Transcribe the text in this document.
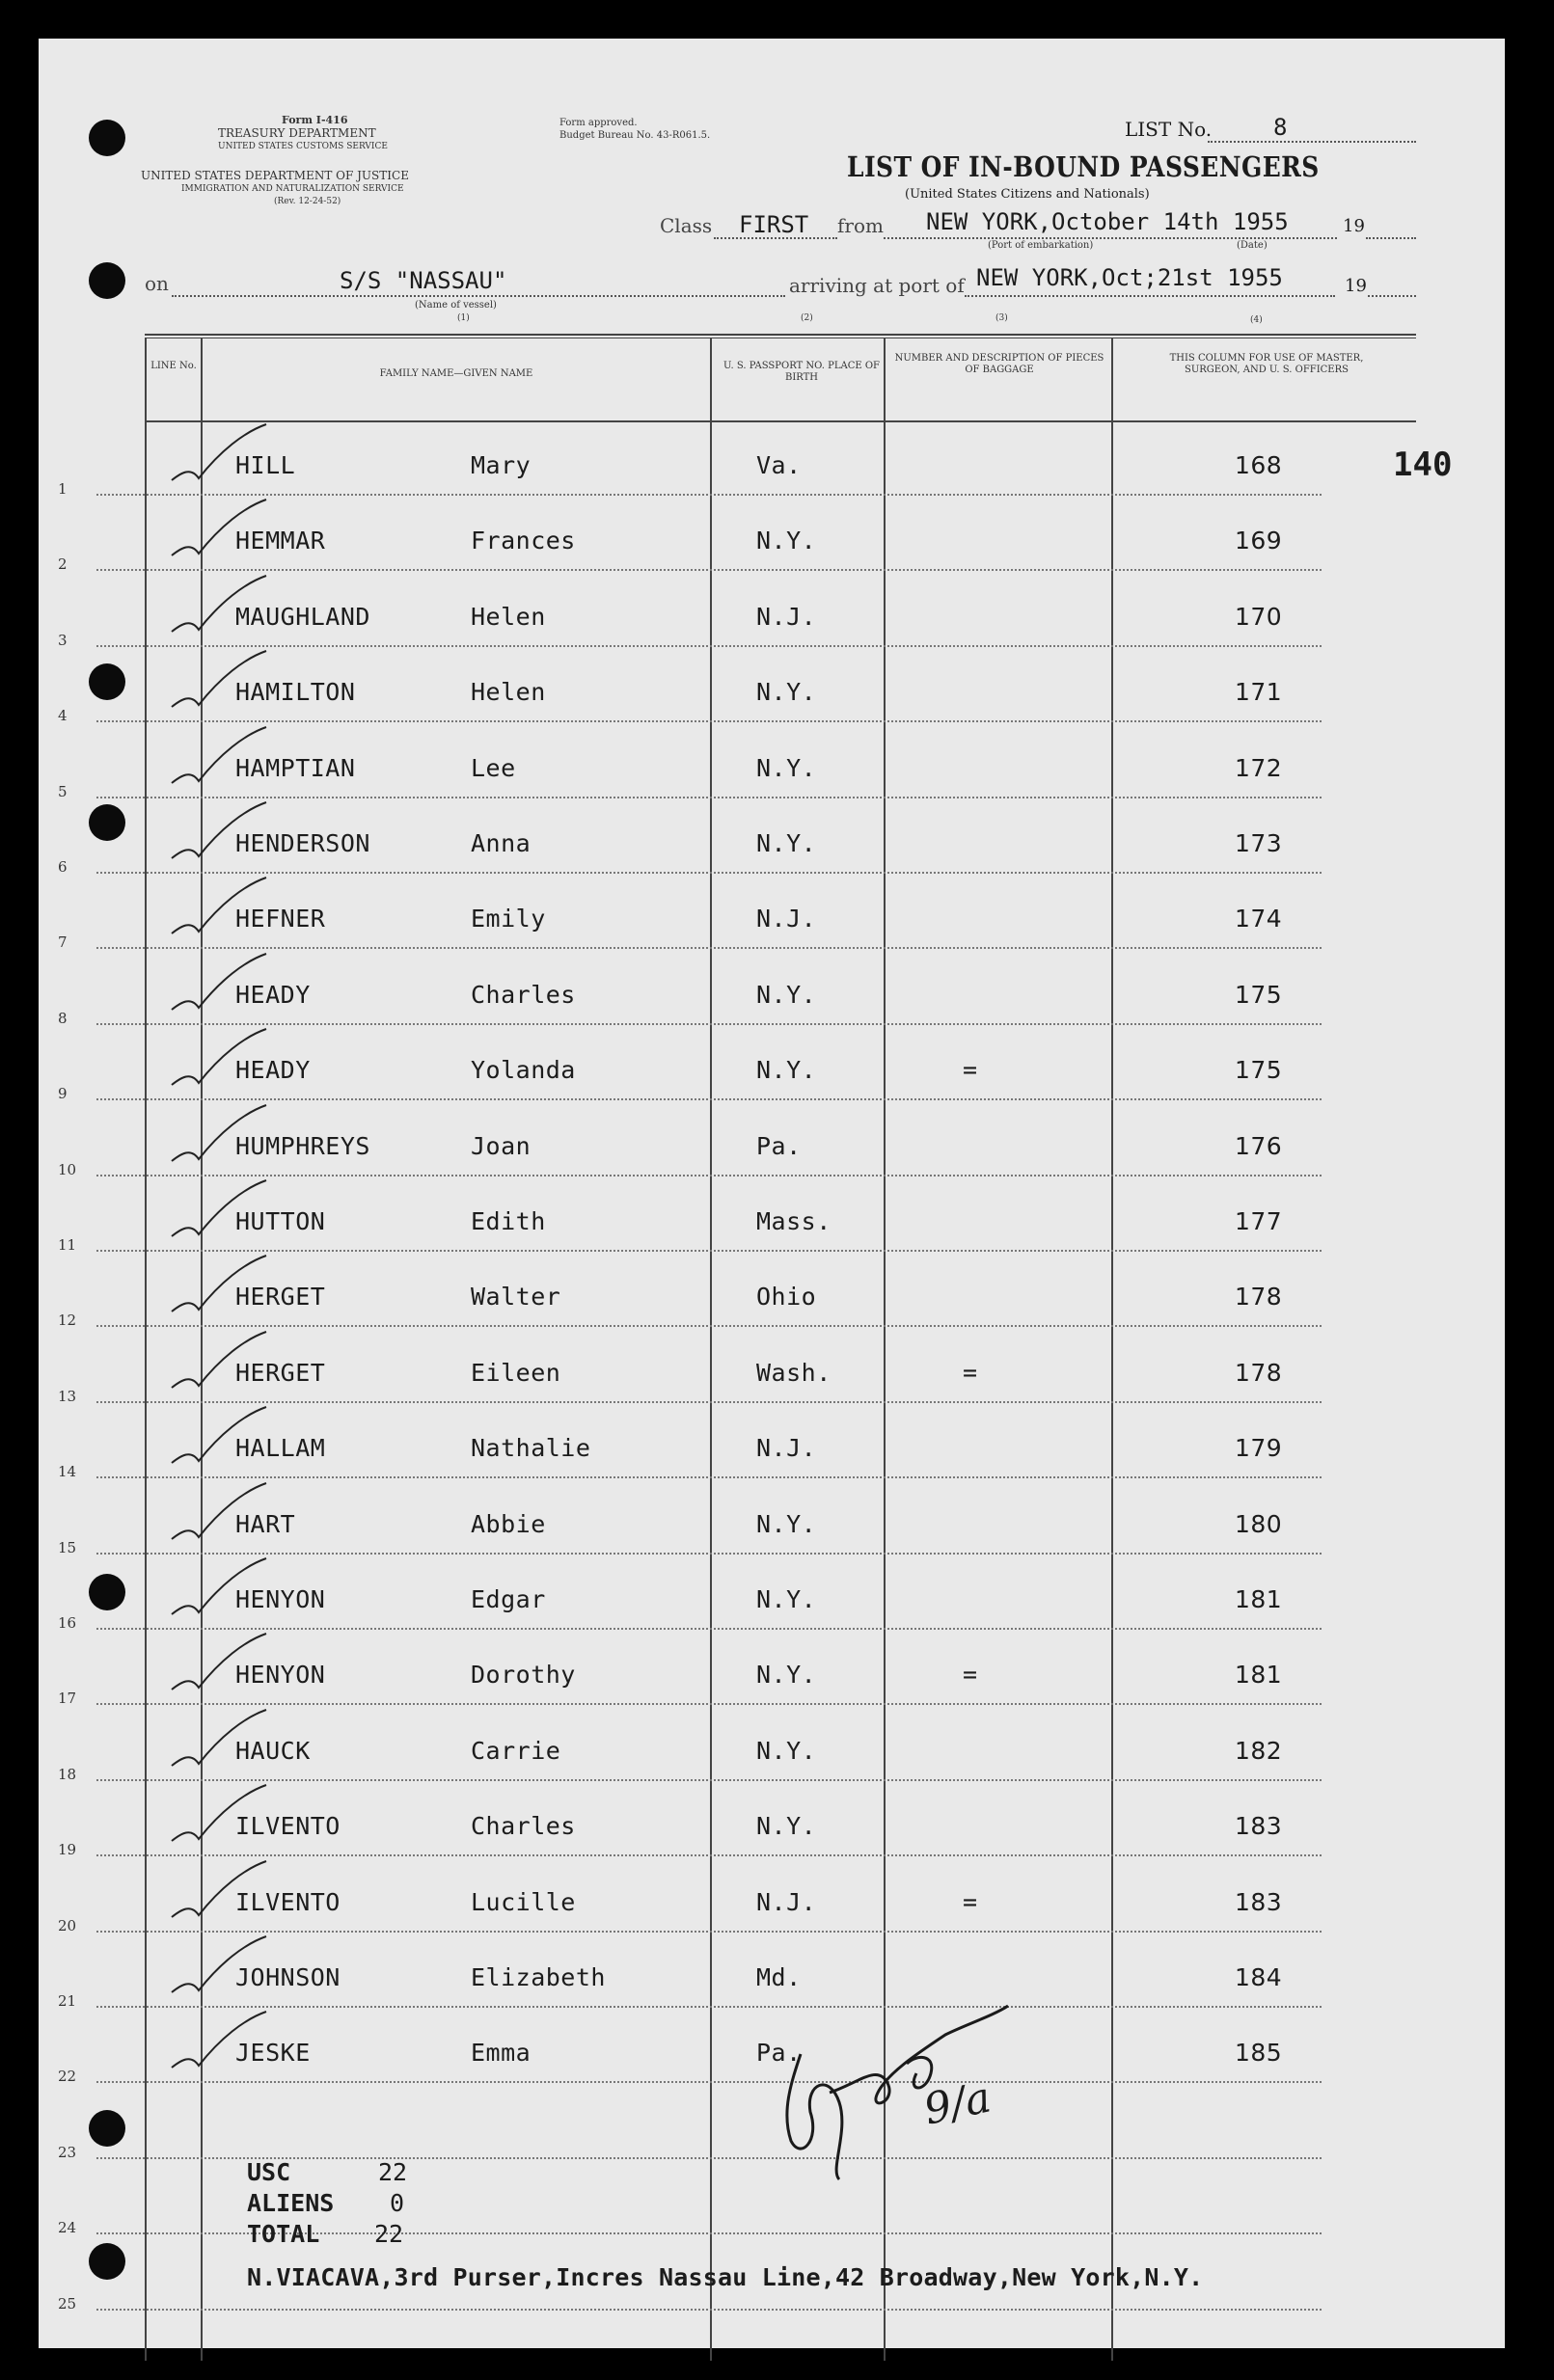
Form I-416
TREASURY DEPARTMENT
UNITED STATES CUSTOMS SERVICE
UNITED STATES DEPARTMENT OF JUSTICE
IMMIGRATION AND NATURALIZATION SERVICE
(Rev. 12-24-52)
Form approved.
Budget Bureau No. 43-R061.5.	LIST No.	8
LIST OF IN-BOUND PASSENGERS
(United States Citizens and Nationals)
Class FIRST from NEW YORK,October 14th 1955	19
(Port of embarkation)	(Date)
on	S/S "NASSAU"
(Name of vessel)
arriving at port of NEW YORK,Oct;21st 1955	19
(1)	(2)	(3)	(4)
LINE No.
FAMILY NAME—GIVEN NAME
U. S. PASSPORT NO. PLACE OF BIRTH
NUMBER AND DESCRIPTION OF PIECES OF BAGGAGE
THIS COLUMN FOR USE OF MASTER, SURGEON, AND U. S. OFFICERS
1
HILL	Mary	Va.	168
2
HEMMAR	Frances	N.Y.	169
3
MAUGHLAND	Helen	N.J.	170
4
HAMILTON	Helen	N.Y.	171
5
HAMPTIAN	Lee	N.Y.	172
6
HENDERSON	Anna	N.Y.	173
7
HEFNER	Emily	N.J.	174
8
HEADY	Charles	N.Y.	175
9
HEADY	Yolanda	N.Y.	=	175
10
HUMPHREYS	Joan	Pa.	176
11
HUTTON	Edith	Mass.	177
12
HERGET	Walter	Ohio	178
13
HERGET	Eileen	Wash.	=	178
14
HALLAM	Nathalie	N.J.	179
15
HART	Abbie	N.Y.	180
16
HENYON	Edgar	N.Y.	181
17
HENYON	Dorothy	N.Y.	=	181
18
HAUCK	Carrie	N.Y.	182
19
ILVENTO	Charles	N.Y.	183
20
ILVENTO	Lucille	N.J.	=	183
21
JOHNSON	Elizabeth	Md.	184
22
JESKE	Emma	Pa.	185
23
24
25
140
USC	22
ALIENS 0
TOTAL 22
N.VIACAVA,3rd Purser,Incres Nassau Line,42 Broadway,New York,N.Y.
9/a
